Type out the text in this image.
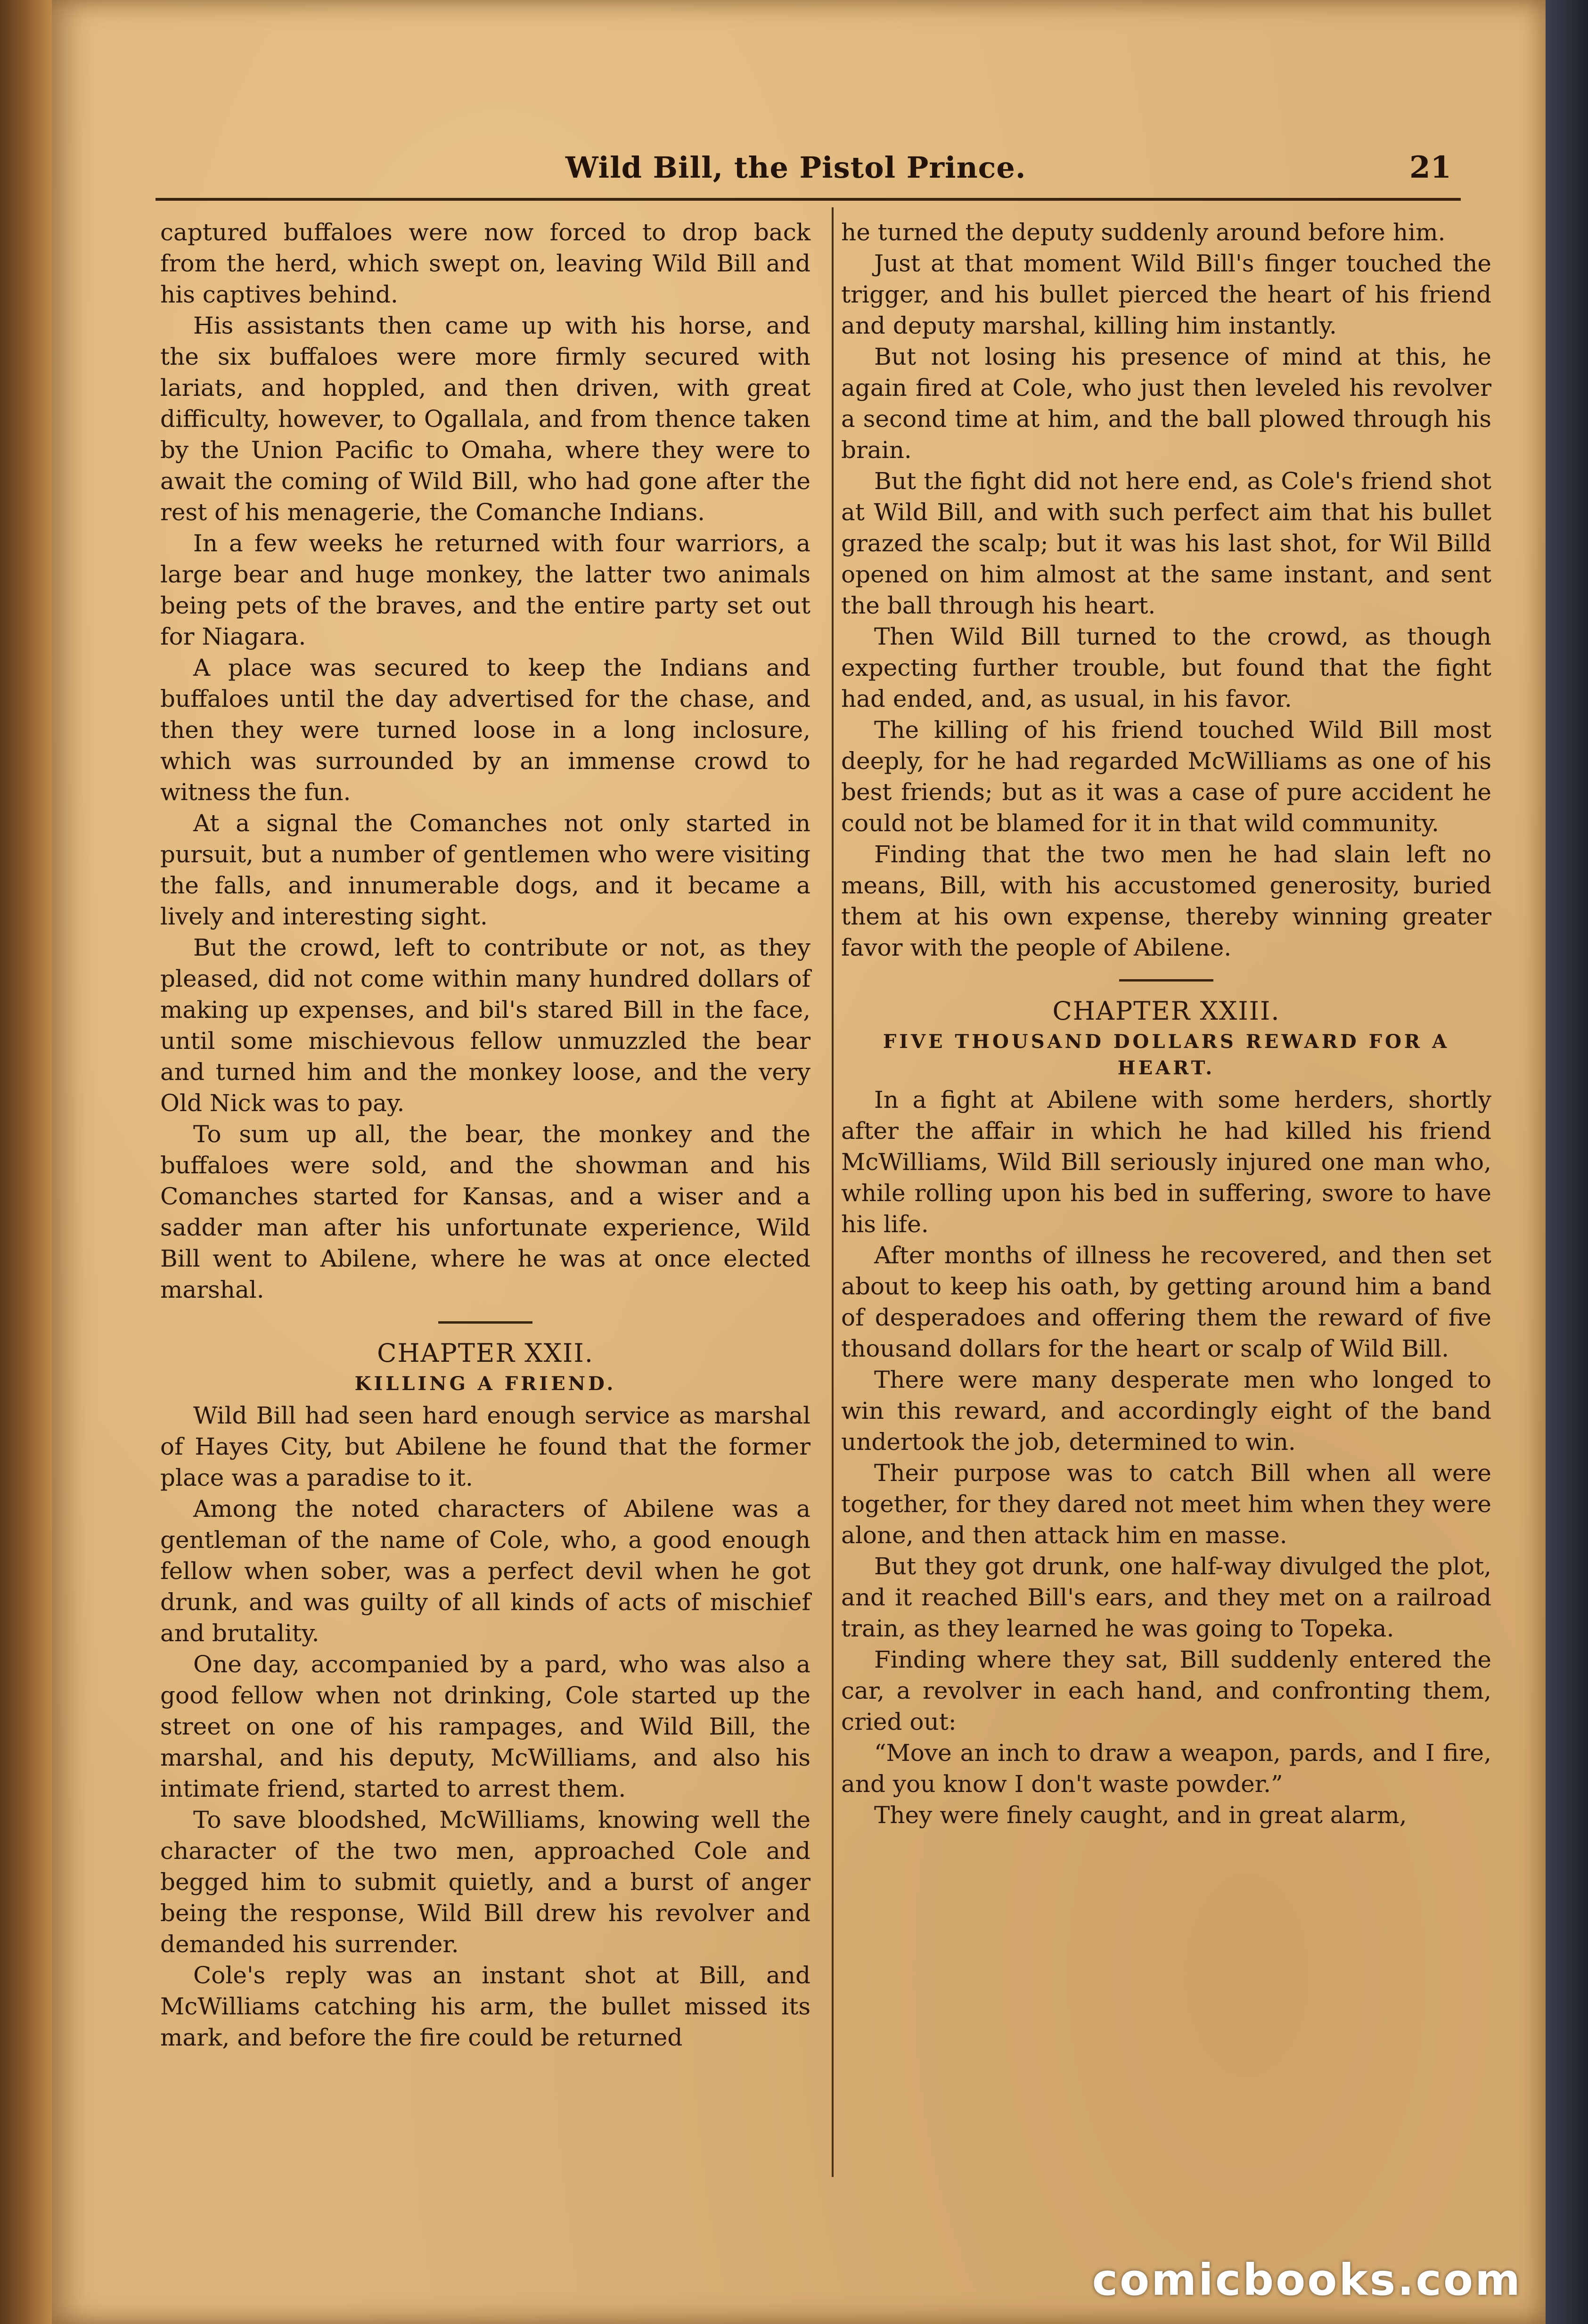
Wild Bill, the Pistol Prince.	21

captured buffaloes were now forced to drop back from the herd, which swept on, leaving Wild Bill and his captives behind.

His assistants then came up with his horse, and the six buffaloes were more firmly secured with lariats, and hoppled, and then driven, with great difficulty, however, to Ogallala, and from thence taken by the Union Pacific to Omaha, where they were to await the coming of Wild Bill, who had gone after the rest of his menagerie, the Comanche Indians.

In a few weeks he returned with four warriors, a large bear and huge monkey, the latter two animals being pets of the braves, and the entire party set out for Niagara.

A place was secured to keep the Indians and buffaloes until the day advertised for the chase, and then they were turned loose in a long inclosure, which was surrounded by an immense crowd to witness the fun.

At a signal the Comanches not only started in pursuit, but a number of gentlemen who were visiting the falls, and innumerable dogs, and it became a lively and interesting sight.

But the crowd, left to contribute or not, as they pleased, did not come within many hundred dollars of making up expenses, and bil's stared Bill in the face, until some mischievous fellow unmuzzled the bear and turned him and the monkey loose, and the very Old Nick was to pay.

To sum up all, the bear, the monkey and the buffaloes were sold, and the showman and his Comanches started for Kansas, and a wiser and a sadder man after his unfortunate experience, Wild Bill went to Abilene, where he was at once elected marshal.

CHAPTER XXII.
KILLING A FRIEND.

Wild Bill had seen hard enough service as marshal of Hayes City, but Abilene he found that the former place was a paradise to it.

Among the noted characters of Abilene was a gentleman of the name of Cole, who, a good enough fellow when sober, was a perfect devil when he got drunk, and was guilty of all kinds of acts of mischief and brutality.

One day, accompanied by a pard, who was also a good fellow when not drinking, Cole started up the street on one of his rampages, and Wild Bill, the marshal, and his deputy, McWilliams, and also his intimate friend, started to arrest them.

To save bloodshed, McWilliams, knowing well the character of the two men, approached Cole and begged him to submit quietly, and a burst of anger being the response, Wild Bill drew his revolver and demanded his surrender.

Cole's reply was an instant shot at Bill, and McWilliams catching his arm, the bullet missed its mark, and before the fire could be returned

he turned the deputy suddenly around before him.

Just at that moment Wild Bill's finger touched the trigger, and his bullet pierced the heart of his friend and deputy marshal, killing him instantly.

But not losing his presence of mind at this, he again fired at Cole, who just then leveled his revolver a second time at him, and the ball plowed through his brain.

But the fight did not here end, as Cole's friend shot at Wild Bill, and with such perfect aim that his bullet grazed the scalp; but it was his last shot, for Wil Billd opened on him almost at the same instant, and sent the ball through his heart.

Then Wild Bill turned to the crowd, as though expecting further trouble, but found that the fight had ended, and, as usual, in his favor.

The killing of his friend touched Wild Bill most deeply, for he had regarded McWilliams as one of his best friends; but as it was a case of pure accident he could not be blamed for it in that wild community.

Finding that the two men he had slain left no means, Bill, with his accustomed generosity, buried them at his own expense, thereby winning greater favor with the people of Abilene.

CHAPTER XXIII.
FIVE THOUSAND DOLLARS REWARD FOR A HEART.

In a fight at Abilene with some herders, shortly after the affair in which he had killed his friend McWilliams, Wild Bill seriously injured one man who, while rolling upon his bed in suffering, swore to have his life.

After months of illness he recovered, and then set about to keep his oath, by getting around him a band of desperadoes and offering them the reward of five thousand dollars for the heart or scalp of Wild Bill.

There were many desperate men who longed to win this reward, and accordingly eight of the band undertook the job, determined to win.

Their purpose was to catch Bill when all were together, for they dared not meet him when they were alone, and then attack him en masse.

But they got drunk, one half-way divulged the plot, and it reached Bill's ears, and they met on a railroad train, as they learned he was going to Topeka.

Finding where they sat, Bill suddenly entered the car, a revolver in each hand, and confronting them, cried out:

“Move an inch to draw a weapon, pards, and I fire, and you know I don't waste powder.”

They were finely caught, and in great alarm,

comicbooks.com
